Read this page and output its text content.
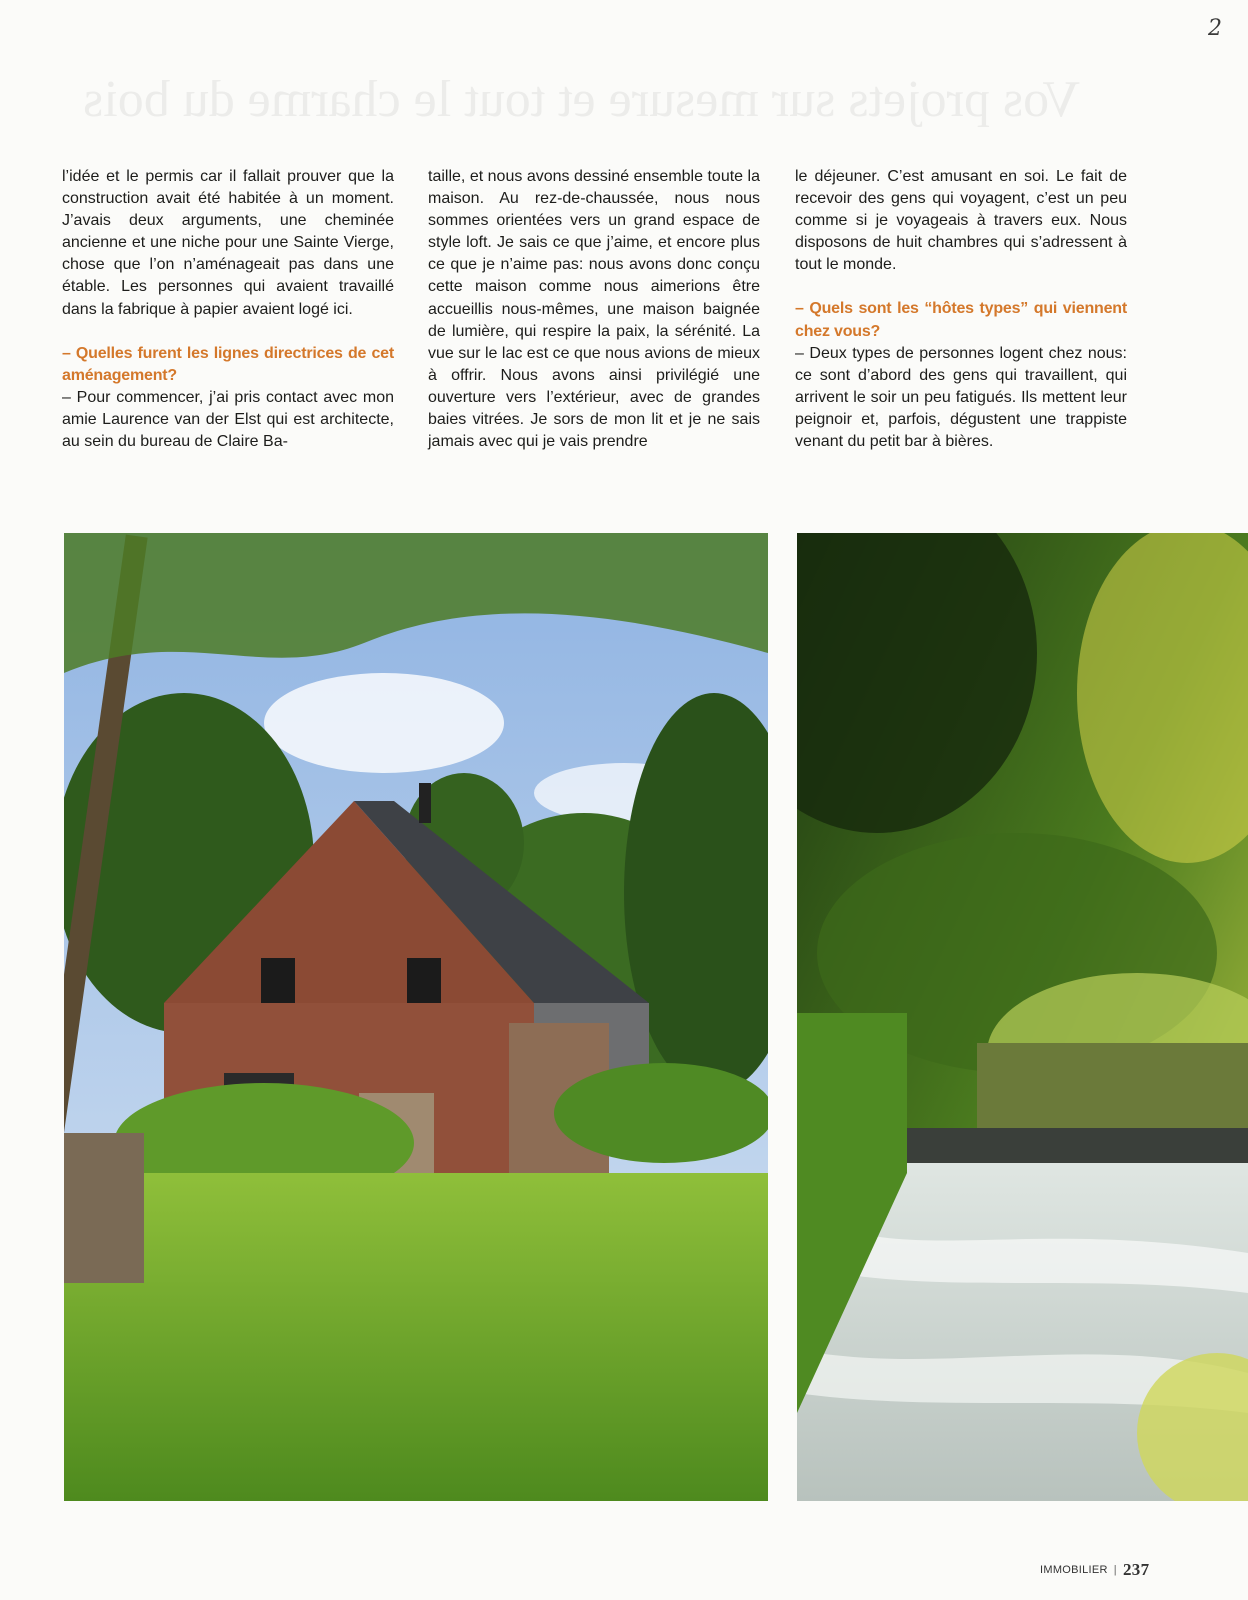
2
Vos projets sur mesure et tout le charme du bois

l’idée et le permis car il fallait prouver que la construction avait été habitée à un moment. J’avais deux arguments, une cheminée ancienne et une niche pour une Sainte Vierge, chose que l’on n’aménageait pas dans une étable. Les personnes qui avaient travaillé dans la fabrique à papier avaient logé ici.

– Quelles furent les lignes directrices de cet aménagement?

– Pour commencer, j’ai pris contact avec mon amie Laurence van der Elst qui est architecte, au sein du bureau de Claire Ba-

taille, et nous avons dessiné ensemble toute la maison. Au rez-de-chaussée, nous nous sommes orientées vers un grand espace de style loft. Je sais ce que j’aime, et encore plus ce que je n’aime pas: nous avons donc conçu cette maison comme nous aimerions être accueillis nous-mêmes, une maison baignée de lumière, qui respire la paix, la sérénité. La vue sur le lac est ce que nous avions de mieux à offrir. Nous avons ainsi privilégié une ouverture vers l’extérieur, avec de grandes baies vitrées. Je sors de mon lit et je ne sais jamais avec qui je vais prendre

le déjeuner. C’est amusant en soi. Le fait de recevoir des gens qui voyagent, c’est un peu comme si je voyageais à travers eux. Nous disposons de huit chambres qui s’adressent à tout le monde.

– Quels sont les “hôtes types” qui viennent chez vous?

– Deux types de personnes logent chez nous: ce sont d’abord des gens qui travaillent, qui arrivent le soir un peu fatigués. Ils mettent leur peignoir et, parfois, dégustent une trappiste venant du petit bar à bières.

IMMOBILIER | 237
